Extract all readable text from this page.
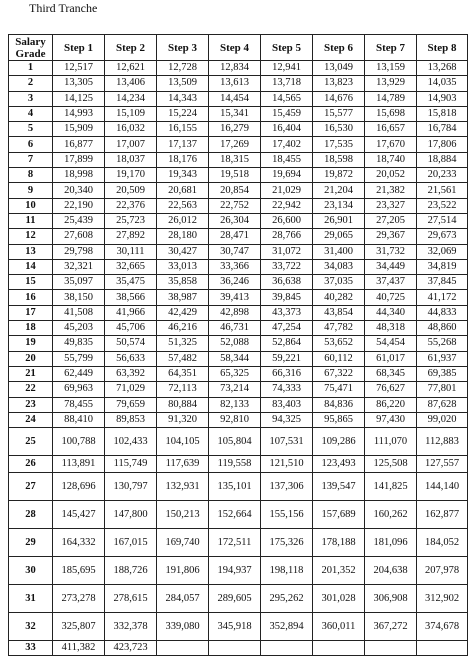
Third Tranche
Salary Grade	Step 1	Step 2	Step 3	Step 4	Step 5	Step 6	Step 7	Step 8
1	12,517	12,621	12,728	12,834	12,941	13,049	13,159	13,268
2	13,305	13,406	13,509	13,613	13,718	13,823	13,929	14,035
3	14,125	14,234	14,343	14,454	14,565	14,676	14,789	14,903
4	14,993	15,109	15,224	15,341	15,459	15,577	15,698	15,818
5	15,909	16,032	16,155	16,279	16,404	16,530	16,657	16,784
6	16,877	17,007	17,137	17,269	17,402	17,535	17,670	17,806
7	17,899	18,037	18,176	18,315	18,455	18,598	18,740	18,884
8	18,998	19,170	19,343	19,518	19,694	19,872	20,052	20,233
9	20,340	20,509	20,681	20,854	21,029	21,204	21,382	21,561
10	22,190	22,376	22,563	22,752	22,942	23,134	23,327	23,522
11	25,439	25,723	26,012	26,304	26,600	26,901	27,205	27,514
12	27,608	27,892	28,180	28,471	28,766	29,065	29,367	29,673
13	29,798	30,111	30,427	30,747	31,072	31,400	31,732	32,069
14	32,321	32,665	33,013	33,366	33,722	34,083	34,449	34,819
15	35,097	35,475	35,858	36,246	36,638	37,035	37,437	37,845
16	38,150	38,566	38,987	39,413	39,845	40,282	40,725	41,172
17	41,508	41,966	42,429	42,898	43,373	43,854	44,340	44,833
18	45,203	45,706	46,216	46,731	47,254	47,782	48,318	48,860
19	49,835	50,574	51,325	52,088	52,864	53,652	54,454	55,268
20	55,799	56,633	57,482	58,344	59,221	60,112	61,017	61,937
21	62,449	63,392	64,351	65,325	66,316	67,322	68,345	69,385
22	69,963	71,029	72,113	73,214	74,333	75,471	76,627	77,801
23	78,455	79,659	80,884	82,133	83,403	84,836	86,220	87,628
24	88,410	89,853	91,320	92,810	94,325	95,865	97,430	99,020
25	100,788	102,433	104,105	105,804	107,531	109,286	111,070	112,883
26	113,891	115,749	117,639	119,558	121,510	123,493	125,508	127,557
27	128,696	130,797	132,931	135,101	137,306	139,547	141,825	144,140
28	145,427	147,800	150,213	152,664	155,156	157,689	160,262	162,877
29	164,332	167,015	169,740	172,511	175,326	178,188	181,096	184,052
30	185,695	188,726	191,806	194,937	198,118	201,352	204,638	207,978
31	273,278	278,615	284,057	289,605	295,262	301,028	306,908	312,902
32	325,807	332,378	339,080	345,918	352,894	360,011	367,272	374,678
33	411,382	423,723						
